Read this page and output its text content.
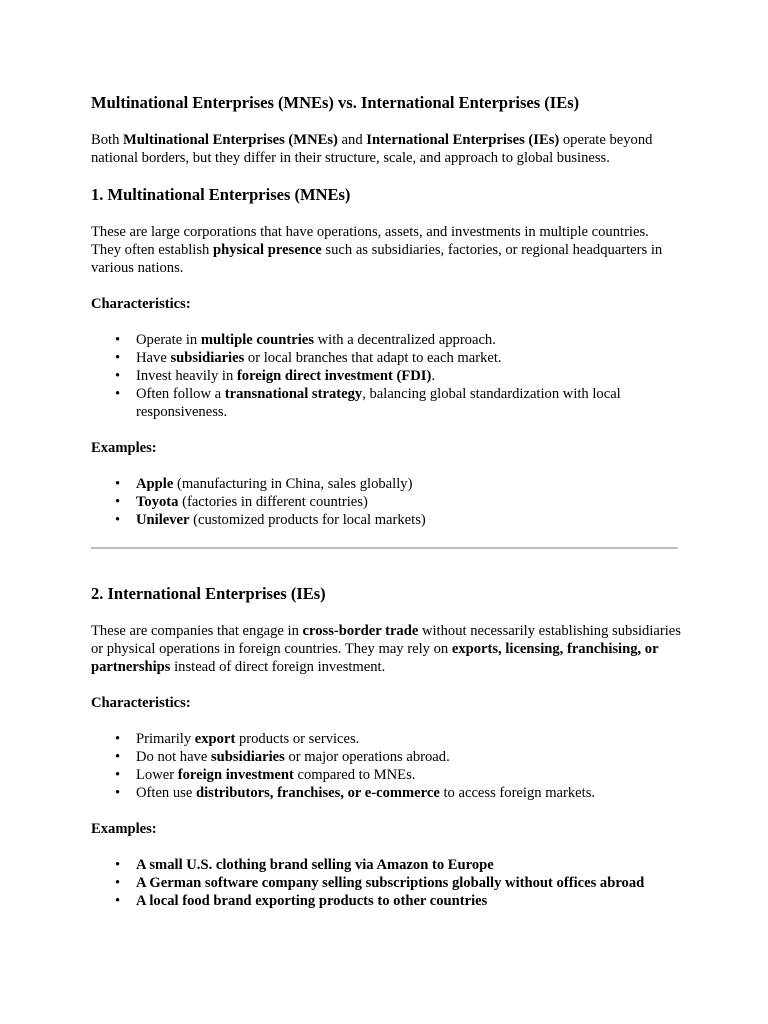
Multinational Enterprises (MNEs) vs. International Enterprises (IEs)

Both Multinational Enterprises (MNEs) and International Enterprises (IEs) operate beyond national borders, but they differ in their structure, scale, and approach to global business.

1. Multinational Enterprises (MNEs)

These are large corporations that have operations, assets, and investments in multiple countries. They often establish physical presence such as subsidiaries, factories, or regional headquarters in various nations.

Characteristics:

• Operate in multiple countries with a decentralized approach.
• Have subsidiaries or local branches that adapt to each market.
• Invest heavily in foreign direct investment (FDI).
• Often follow a transnational strategy, balancing global standardization with local responsiveness.

Examples:

• Apple (manufacturing in China, sales globally)
• Toyota (factories in different countries)
• Unilever (customized products for local markets)
2. International Enterprises (IEs)

These are companies that engage in cross-border trade without necessarily establishing subsidiaries or physical operations in foreign countries. They may rely on exports, licensing, franchising, or partnerships instead of direct foreign investment.

Characteristics:

• Primarily export products or services.
• Do not have subsidiaries or major operations abroad.
• Lower foreign investment compared to MNEs.
• Often use distributors, franchises, or e-commerce to access foreign markets.

Examples:

• A small U.S. clothing brand selling via Amazon to Europe
• A German software company selling subscriptions globally without offices abroad
• A local food brand exporting products to other countries
